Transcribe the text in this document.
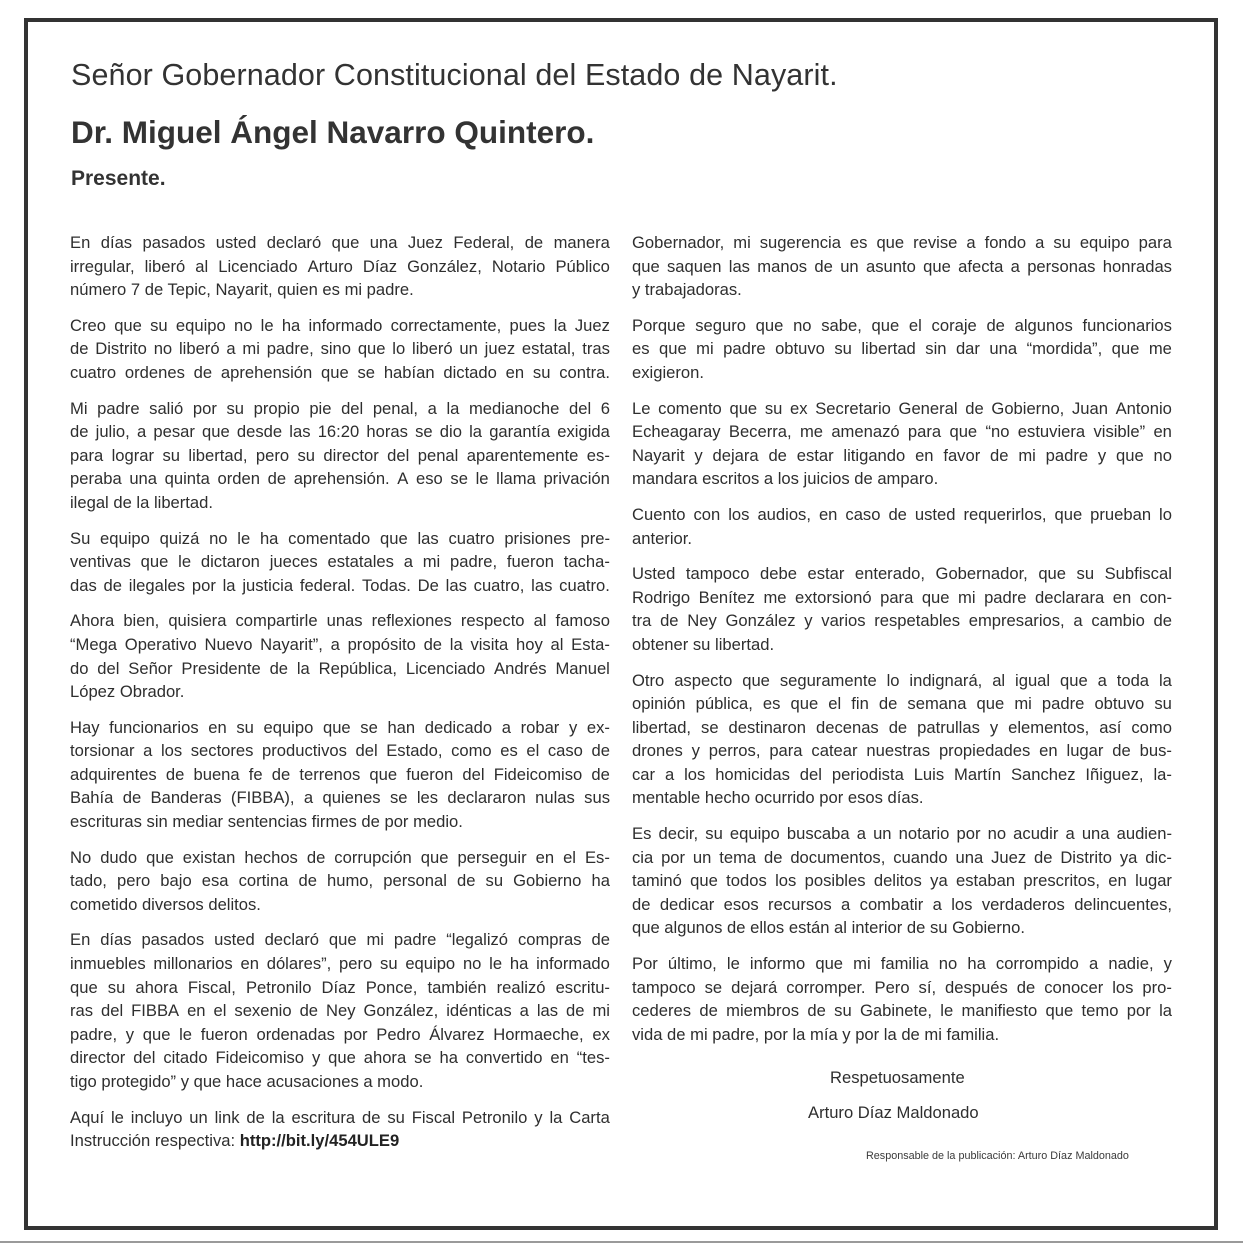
Señor Gobernador Constitucional del Estado de Nayarit.
Dr. Miguel Ángel Navarro Quintero.
Presente.

En días pasados usted declaró que una Juez Federal, de manera
irregular, liberó al Licenciado Arturo Díaz González, Notario Público
número 7 de Tepic, Nayarit, quien es mi padre.

Creo que su equipo no le ha informado correctamente, pues la Juez
de Distrito no liberó a mi padre, sino que lo liberó un juez estatal, tras
cuatro ordenes de aprehensión que se habían dictado en su contra.

Mi padre salió por su propio pie del penal, a la medianoche del 6
de julio, a pesar que desde las 16:20 horas se dio la garantía exigida
para lograr su libertad, pero su director del penal aparentemente es-
peraba una quinta orden de aprehensión. A eso se le llama privación
ilegal de la libertad.

Su equipo quizá no le ha comentado que las cuatro prisiones pre-
ventivas que le dictaron jueces estatales a mi padre, fueron tacha-
das de ilegales por la justicia federal. Todas. De las cuatro, las cuatro.

Ahora bien, quisiera compartirle unas reflexiones respecto al famoso
“Mega Operativo Nuevo Nayarit”, a propósito de la visita hoy al Esta-
do del Señor Presidente de la República, Licenciado Andrés Manuel
López Obrador.

Hay funcionarios en su equipo que se han dedicado a robar y ex-
torsionar a los sectores productivos del Estado, como es el caso de
adquirentes de buena fe de terrenos que fueron del Fideicomiso de
Bahía de Banderas (FIBBA), a quienes se les declararon nulas sus
escrituras sin mediar sentencias firmes de por medio.

No dudo que existan hechos de corrupción que perseguir en el Es-
tado, pero bajo esa cortina de humo, personal de su Gobierno ha
cometido diversos delitos.

En días pasados usted declaró que mi padre “legalizó compras de
inmuebles millonarios en dólares”, pero su equipo no le ha informado
que su ahora Fiscal, Petronilo Díaz Ponce, también realizó escritu-
ras del FIBBA en el sexenio de Ney González, idénticas a las de mi
padre, y que le fueron ordenadas por Pedro Álvarez Hormaeche, ex
director del citado Fideicomiso y que ahora se ha convertido en “tes-
tigo protegido” y que hace acusaciones a modo.

Aquí le incluyo un link de la escritura de su Fiscal Petronilo y la Carta
Instrucción respectiva: http://bit.ly/454ULE9

Gobernador, mi sugerencia es que revise a fondo a su equipo para
que saquen las manos de un asunto que afecta a personas honradas
y trabajadoras.

Porque seguro que no sabe, que el coraje de algunos funcionarios
es que mi padre obtuvo su libertad sin dar una “mordida”, que me
exigieron.

Le comento que su ex Secretario General de Gobierno, Juan Antonio
Echeagaray Becerra, me amenazó para que “no estuviera visible” en
Nayarit y dejara de estar litigando en favor de mi padre y que no
mandara escritos a los juicios de amparo.

Cuento con los audios, en caso de usted requerirlos, que prueban lo
anterior.

Usted tampoco debe estar enterado, Gobernador, que su Subfiscal
Rodrigo Benítez me extorsionó para que mi padre declarara en con-
tra de Ney González y varios respetables empresarios, a cambio de
obtener su libertad.

Otro aspecto que seguramente lo indignará, al igual que a toda la
opinión pública, es que el fin de semana que mi padre obtuvo su
libertad, se destinaron decenas de patrullas y elementos, así como
drones y perros, para catear nuestras propiedades en lugar de bus-
car a los homicidas del periodista Luis Martín Sanchez Iñiguez, la-
mentable hecho ocurrido por esos días.

Es decir, su equipo buscaba a un notario por no acudir a una audien-
cia por un tema de documentos, cuando una Juez de Distrito ya dic-
taminó que todos los posibles delitos ya estaban prescritos, en lugar
de dedicar esos recursos a combatir a los verdaderos delincuentes,
que algunos de ellos están al interior de su Gobierno.

Por último, le informo que mi familia no ha corrompido a nadie, y
tampoco se dejará corromper. Pero sí, después de conocer los pro-
cederes de miembros de su Gabinete, le manifiesto que temo por la
vida de mi padre, por la mía y por la de mi familia.

Respetuosamente
Arturo Díaz Maldonado
Responsable de la publicación: Arturo Díaz Maldonado
